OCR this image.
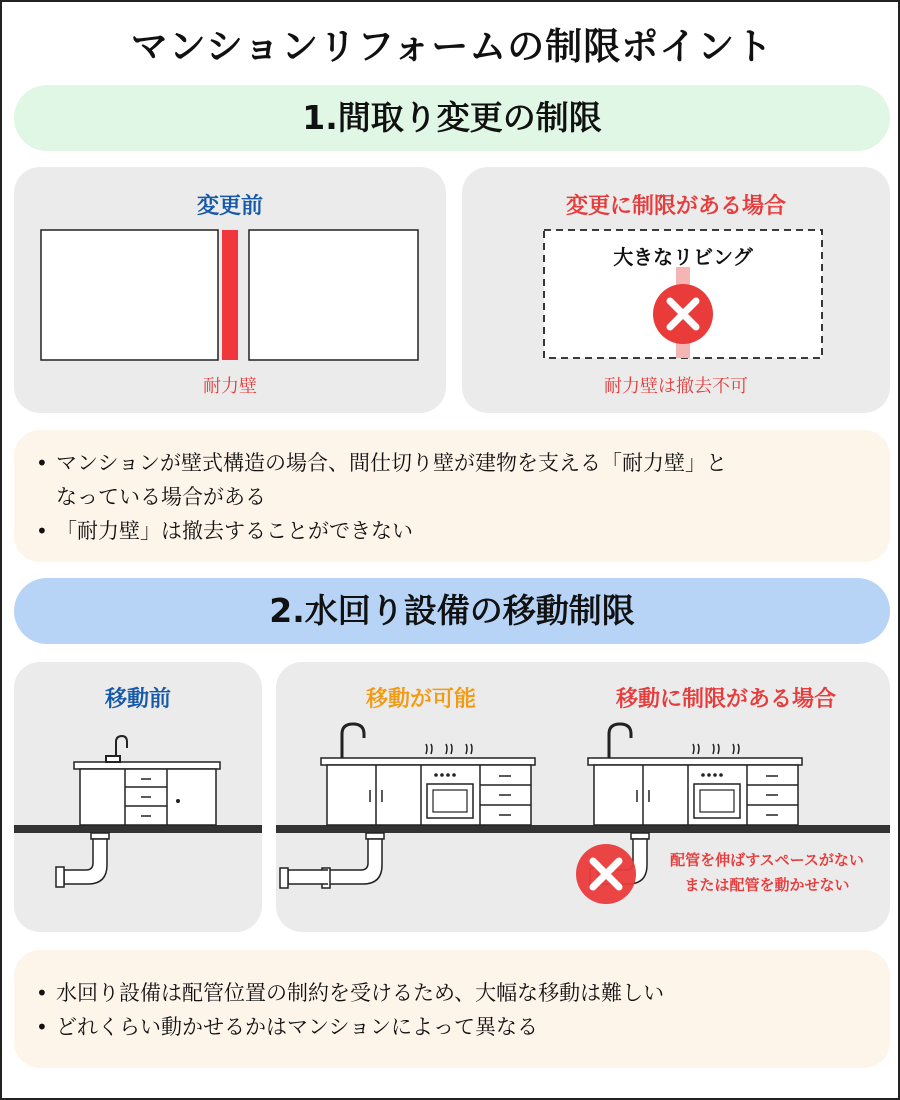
マンションリフォームの制限ポイント
1.間取り変更の制限
変更前
耐力壁
変更に制限がある場合
大きなリビング
耐力壁は撤去不可
• マンションが壁式構造の場合、間仕切り壁が建物を支える「耐力壁」と
なっている場合がある
• 「耐力壁」は撤去することができない
2.水回り設備の移動制限
移動前	移動が可能	移動に制限がある場合
配管を伸ばすスペースがない
または配管を動かせない
• 水回り設備は配管位置の制約を受けるため、大幅な移動は難しい
• どれくらい動かせるかはマンションによって異なる
